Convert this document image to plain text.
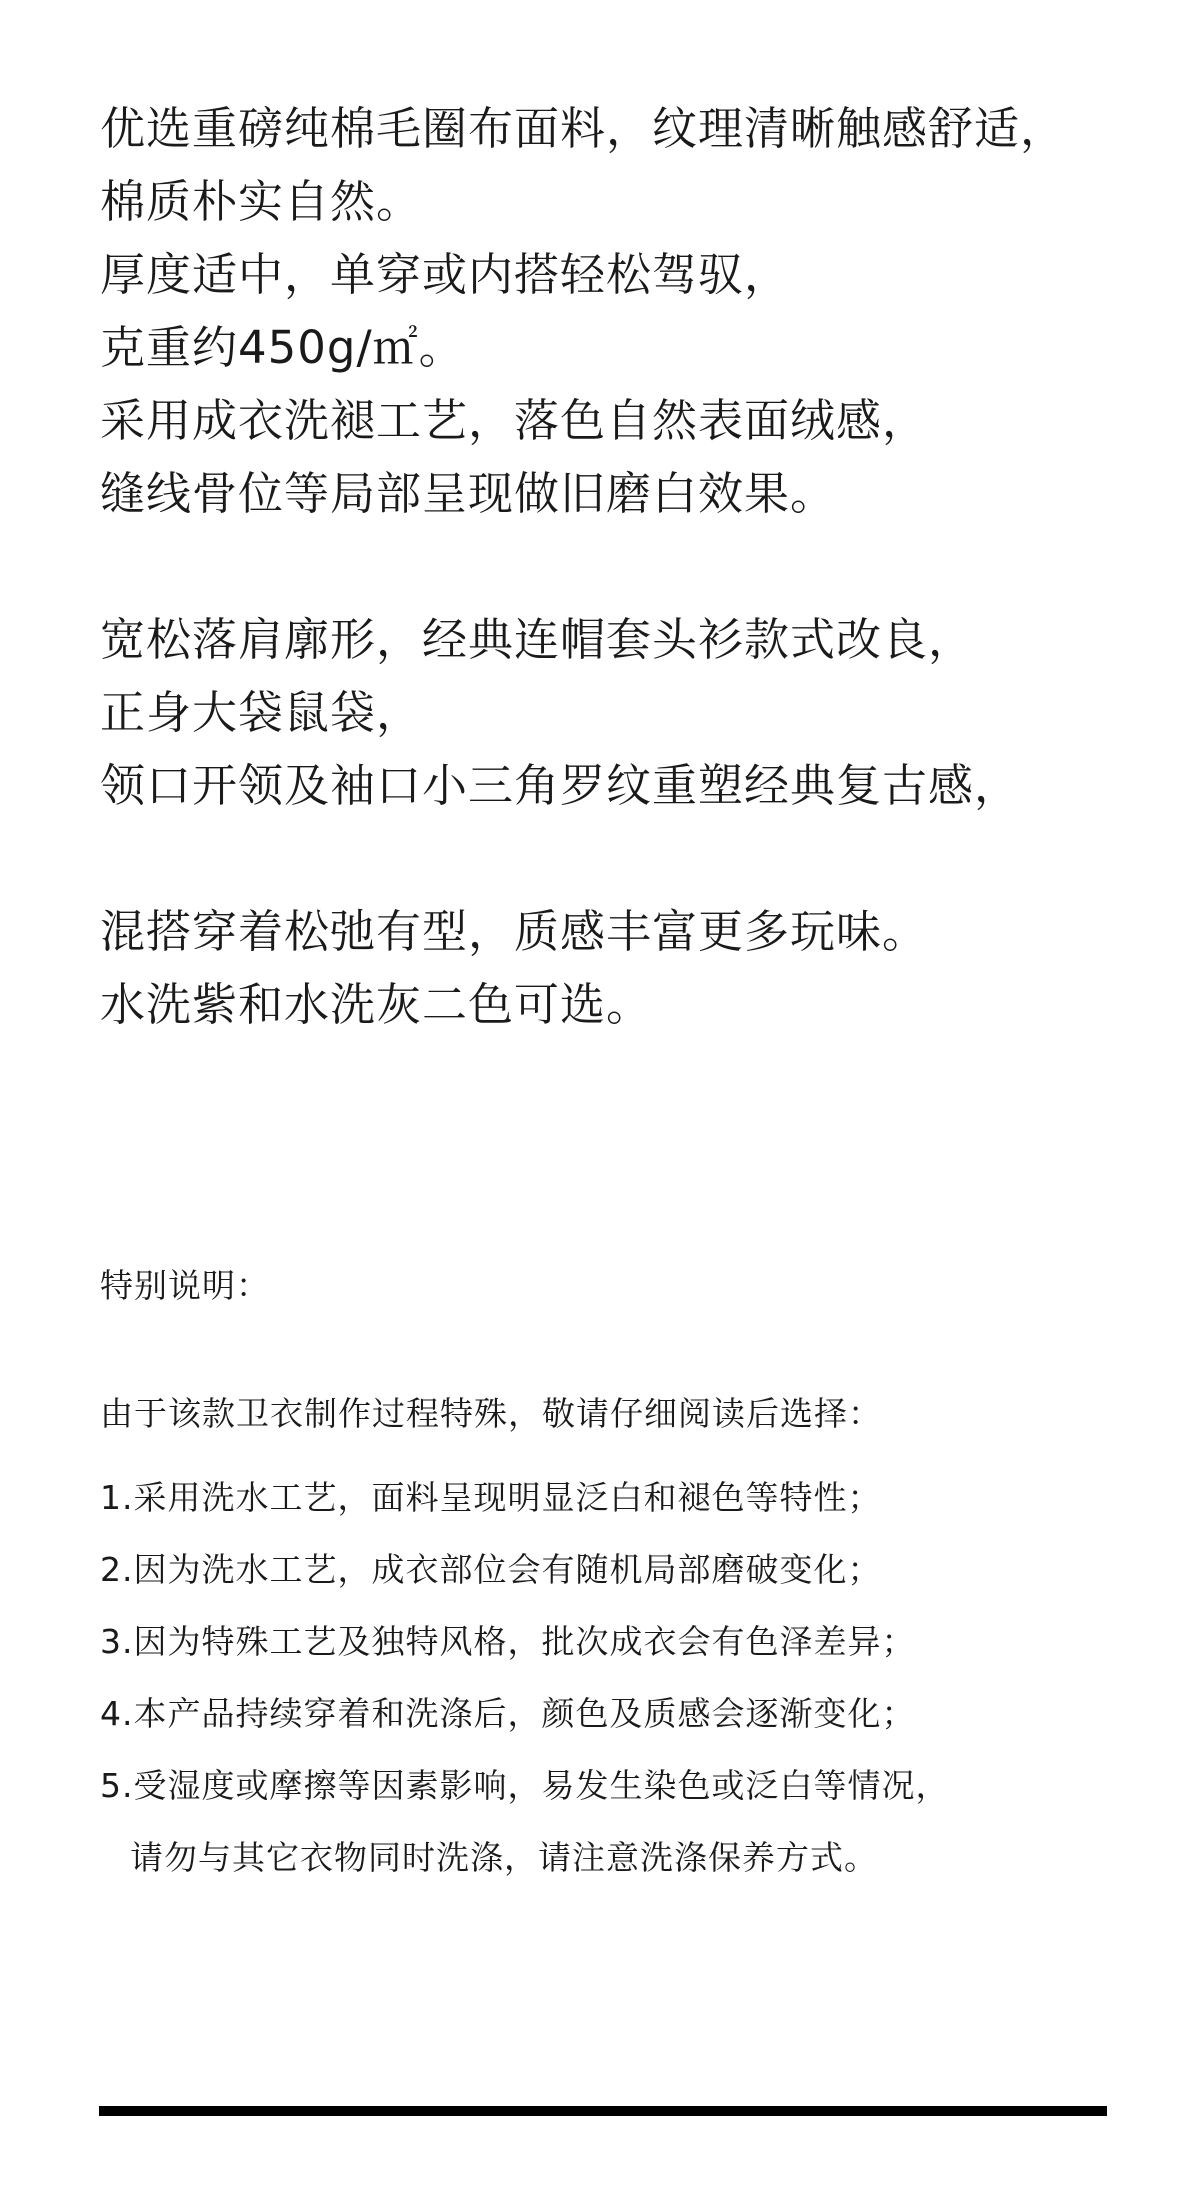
优选重磅纯棉毛圈布面料，纹理清晰触感舒适，
棉质朴实自然。
厚度适中，单穿或内搭轻松驾驭，
克重约450g/㎡。
采用成衣洗褪工艺，落色自然表面绒感，
缝线骨位等局部呈现做旧磨白效果。
宽松落肩廓形，经典连帽套头衫款式改良，
正身大袋鼠袋，
领口开领及袖口小三角罗纹重塑经典复古感，
混搭穿着松弛有型，质感丰富更多玩味。
水洗紫和水洗灰二色可选。
特别说明：
由于该款卫衣制作过程特殊，敬请仔细阅读后选择：
1.采用洗水工艺，面料呈现明显泛白和褪色等特性；
2.因为洗水工艺，成衣部位会有随机局部磨破变化；
3.因为特殊工艺及独特风格，批次成衣会有色泽差异；
4.本产品持续穿着和洗涤后，颜色及质感会逐渐变化；
5.受湿度或摩擦等因素影响，易发生染色或泛白等情况，
请勿与其它衣物同时洗涤，请注意洗涤保养方式。
